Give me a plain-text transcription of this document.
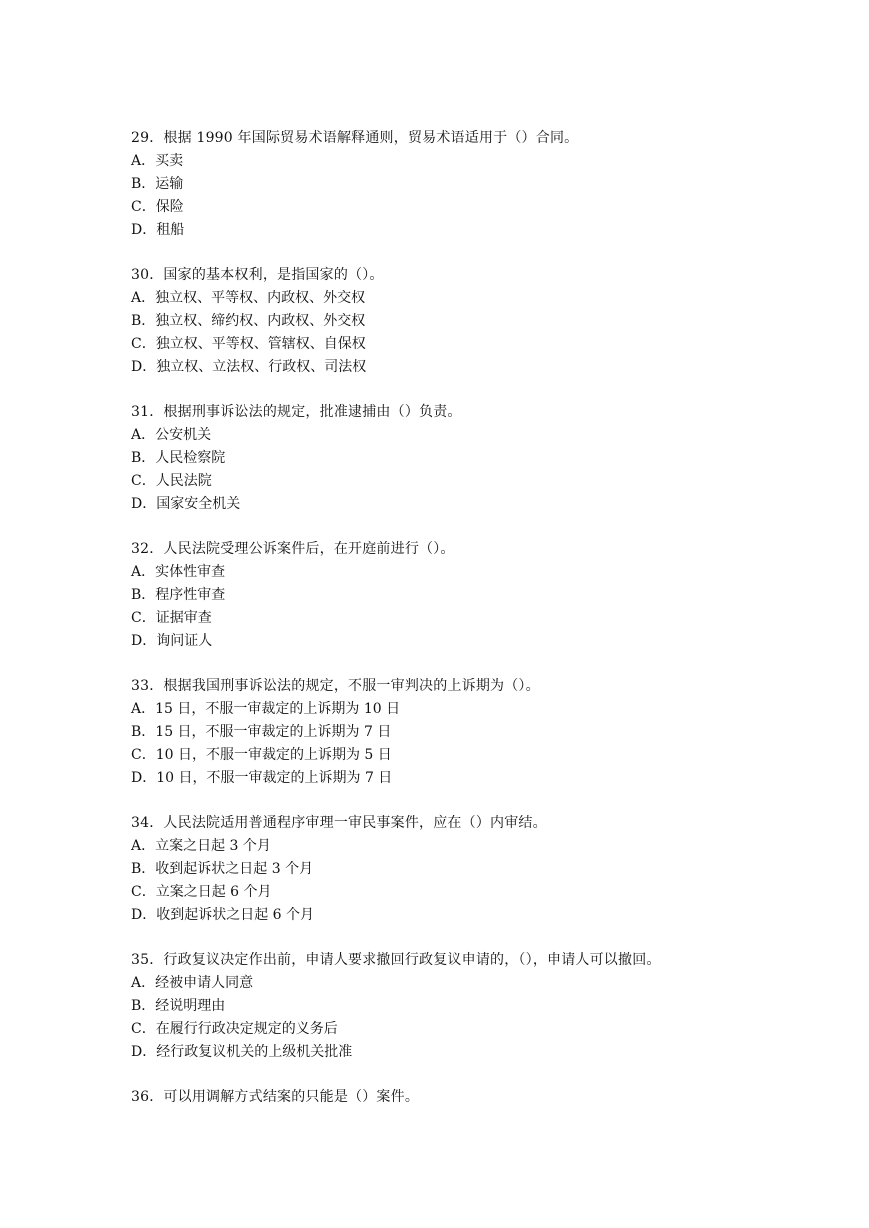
29．根据 1990 年国际贸易术语解释通则，贸易术语适用于（）合同。
A．买卖
B．运输
C．保险
D．租船
30．国家的基本权利，是指国家的（）。
A．独立权、平等权、内政权、外交权
B．独立权、缔约权、内政权、外交权
C．独立权、平等权、管辖权、自保权
D．独立权、立法权、行政权、司法权
31．根据刑事诉讼法的规定，批准逮捕由（）负责。
A．公安机关
B．人民检察院
C．人民法院
D．国家安全机关
32．人民法院受理公诉案件后，在开庭前进行（）。
A．实体性审查
B．程序性审查
C．证据审查
D．询问证人
33．根据我国刑事诉讼法的规定，不服一审判决的上诉期为（）。
A．15 日，不服一审裁定的上诉期为 10 日
B．15 日，不服一审裁定的上诉期为 7 日
C．10 日，不服一审裁定的上诉期为 5 日
D．10 日，不服一审裁定的上诉期为 7 日
34．人民法院适用普通程序审理一审民事案件，应在（）内审结。
A．立案之日起 3 个月
B．收到起诉状之日起 3 个月
C．立案之日起 6 个月
D．收到起诉状之日起 6 个月
35．行政复议决定作出前，申请人要求撤回行政复议申请的，（），申请人可以撤回。
A．经被申请人同意
B．经说明理由
C．在履行行政决定规定的义务后
D．经行政复议机关的上级机关批准
36．可以用调解方式结案的只能是（）案件。
